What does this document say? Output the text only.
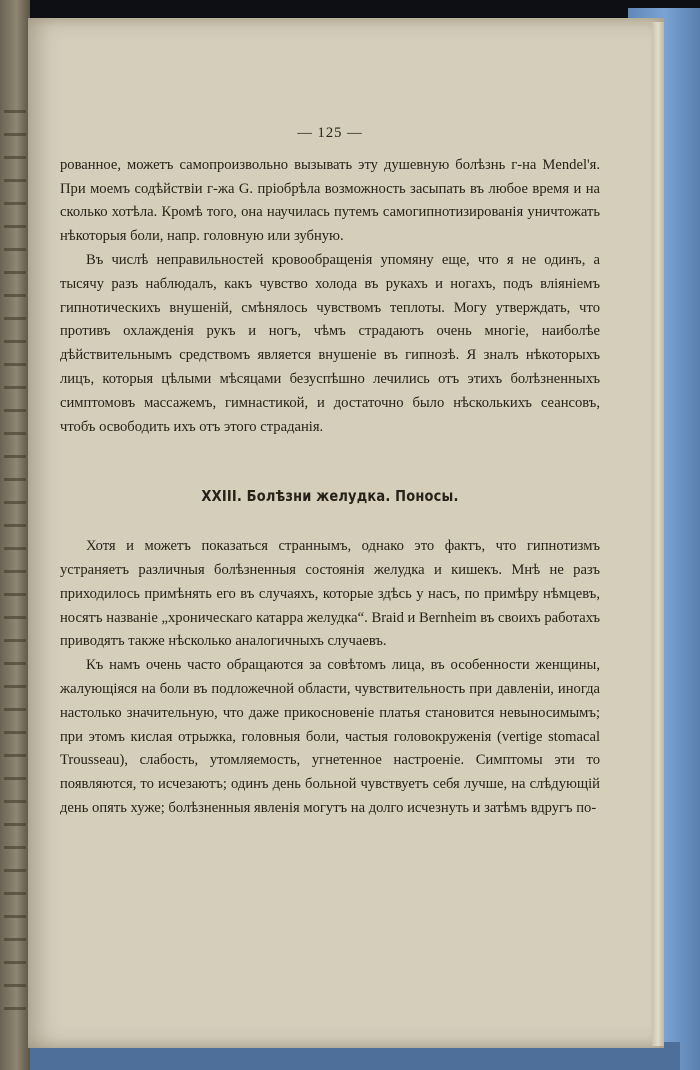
— 125 —

рованное, можетъ самопроизвольно вызывать эту душевную болѣзнь г-на Mendel'я. При моемъ содѣйствіи г-жа G. пріобрѣла возможность засыпать въ любое время и на сколько хотѣла. Кромѣ того, она научилась путемъ самогипнотизированія уничтожать нѣкоторыя боли, напр. головную или зубную.

Въ числѣ неправильностей кровообращенія упомяну еще, что я не одинъ, а тысячу разъ наблюдалъ, какъ чувство холода въ рукахъ и ногахъ, подъ вліяніемъ гипнотическихъ внушеній, смѣнялось чувствомъ теплоты. Могу утверждать, что противъ охлажденія рукъ и ногъ, чѣмъ страдаютъ очень многіе, наиболѣе дѣйствительнымъ средствомъ является внушеніе въ гипнозѣ. Я зналъ нѣкоторыхъ лицъ, которыя цѣлыми мѣсяцами безуспѣшно лечились отъ этихъ болѣзненныхъ симптомовъ массажемъ, гимнастикой, и достаточно было нѣсколькихъ сеансовъ, чтобъ освободить ихъ отъ этого страданія.

XXIII. Болѣзни желудка. Поносы.

Хотя и можетъ показаться страннымъ, однако это фактъ, что гипнотизмъ устраняетъ различныя болѣзненныя состоянія желудка и кишекъ. Мнѣ не разъ приходилось примѣнять его въ случаяхъ, которые здѣсь у насъ, по примѣру нѣмцевъ, носятъ названіе „хроническаго катарра желудка“. Braid и Bernheim въ своихъ работахъ приводятъ также нѣсколько аналогичныхъ случаевъ.

Къ намъ очень часто обращаются за совѣтомъ лица, въ особенности женщины, жалующіяся на боли въ подложечной области, чувствительность при давленіи, иногда настолько значительную, что даже прикосновеніе платья становится невыносимымъ; при этомъ кислая отрыжка, головныя боли, частыя головокруженія (vertige stomacal Trousseau), слабость, утомляемость, угнетенное настроеніе. Симптомы эти то появляются, то исчезаютъ; одинъ день больной чувствуетъ себя лучше, на слѣдующій день опять хуже; болѣзненныя явленія могутъ на долго исчезнуть и затѣмъ вдругъ по-
